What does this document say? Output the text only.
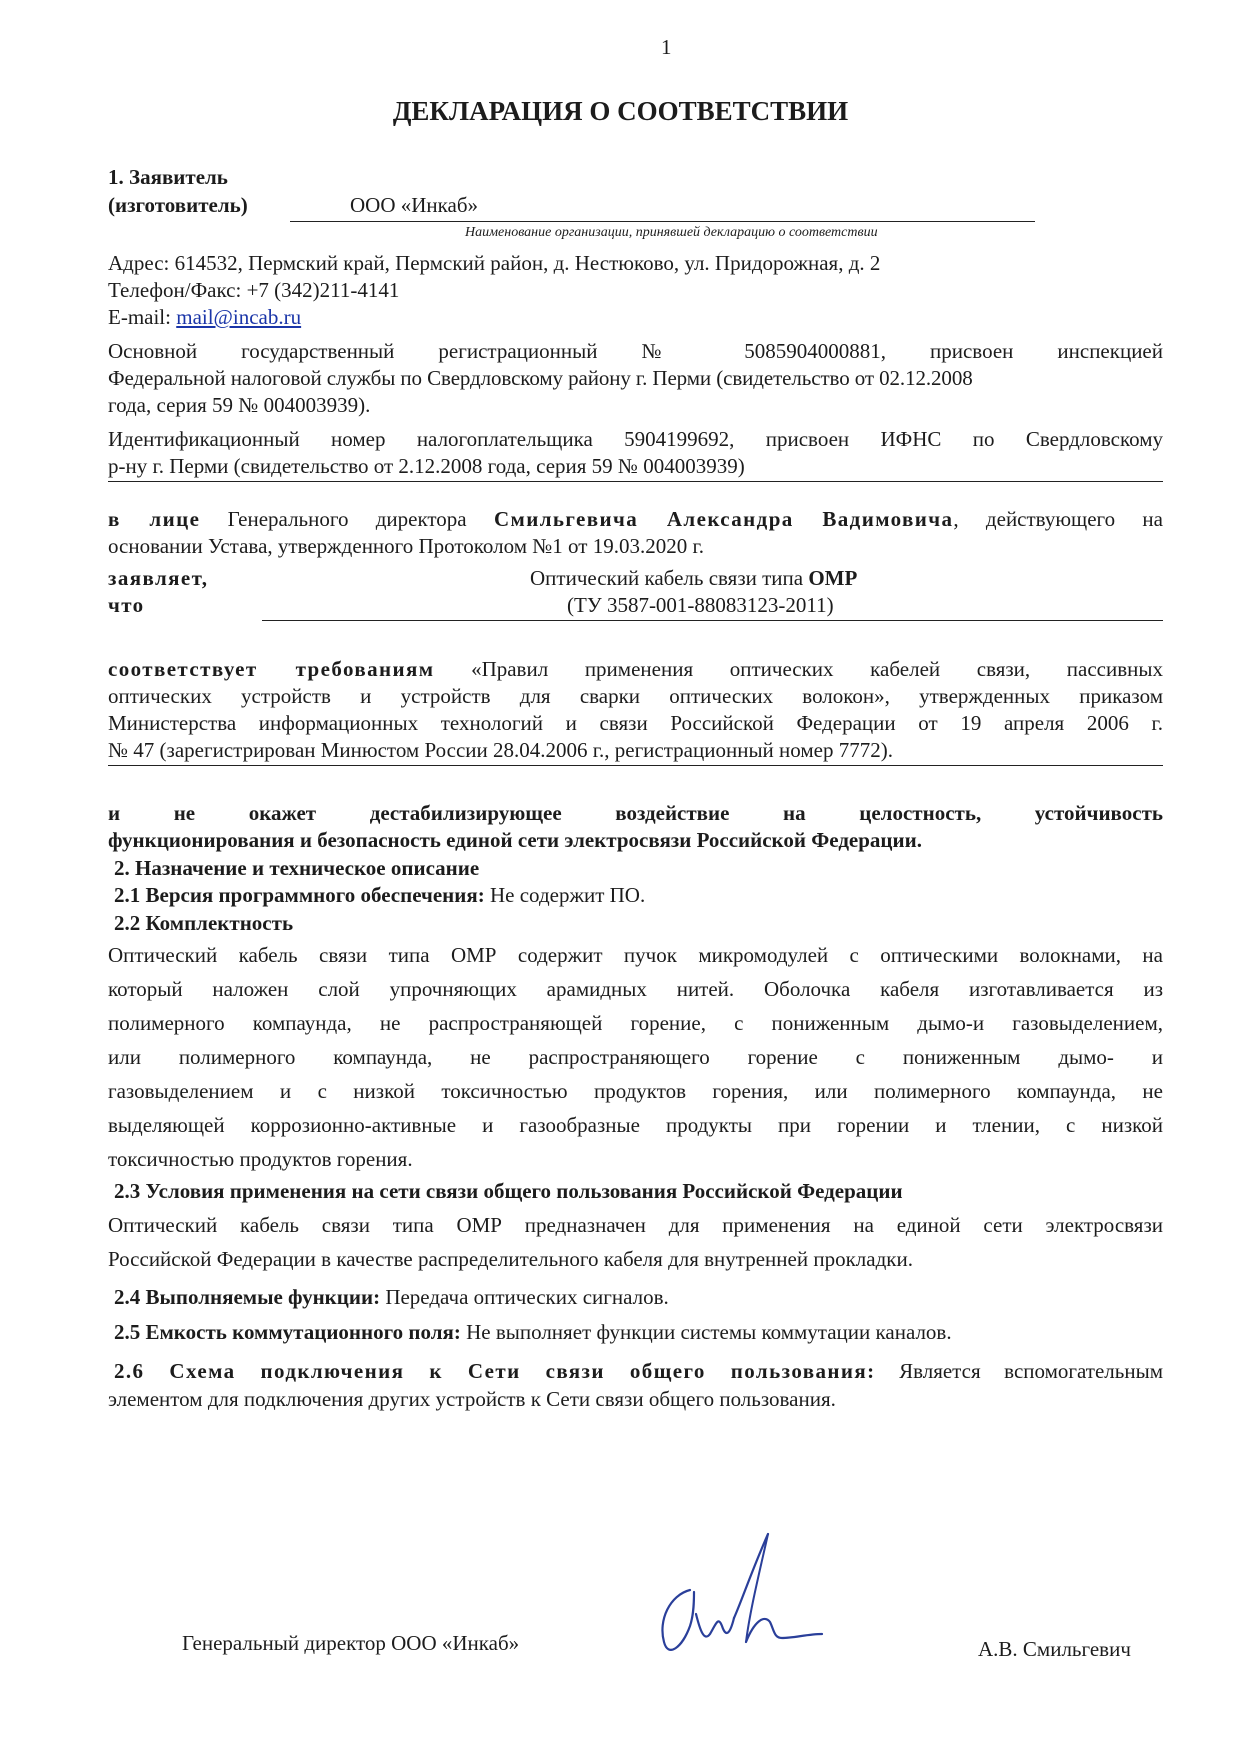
1

ДЕКЛАРАЦИЯ О СООТВЕТСТВИИ

1. Заявитель

(изготовитель)	ООО «Инкаб»

Наименование организации, принявшей декларацию о соответствии

Адрес: 614532, Пермский край, Пермский район, д. Нестюково, ул. Придорожная, д. 2

Телефон/Факс: +7 (342)211-4141

E-mail: mail@incab.ru

Основной государственный регистрационный № 5085904000881, присвоен инспекцией

Федеральной налоговой службы по Свердловскому району г. Перми (свидетельство от 02.12.2008

года, серия 59 № 004003939).

Идентификационный номер налогоплательщика 5904199692, присвоен ИФНС по Свердловскому

р-ну г. Перми (свидетельство от 2.12.2008 года, серия 59 № 004003939)

в лице Генерального директора Смильгевича Александра Вадимовича, действующего на

основании Устава, утвержденного Протоколом №1 от 19.03.2020 г.

заявляет,

что

Оптический кабель связи типа ОМР

(ТУ 3587-001-88083123-2011)

соответствует требованиям «Правил применения оптических кабелей связи, пассивных

оптических устройств и устройств для сварки оптических волокон», утвержденных приказом

Министерства информационных технологий и связи Российской Федерации от 19 апреля 2006 г.

№ 47 (зарегистрирован Минюстом России 28.04.2006 г., регистрационный номер 7772).

и не окажет дестабилизирующее воздействие на целостность, устойчивость

функционирования и безопасность единой сети электросвязи Российской Федерации.

2. Назначение и техническое описание

2.1 Версия программного обеспечения: Не содержит ПО.

2.2 Комплектность

Оптический кабель связи типа ОМР содержит пучок микромодулей с оптическими волокнами, на

который наложен слой упрочняющих арамидных нитей. Оболочка кабеля изготавливается из

полимерного компаунда, не распространяющей горение, с пониженным дымо-и газовыделением,

или полимерного компаунда, не распространяющего горение с пониженным дымо- и

газовыделением и с низкой токсичностью продуктов горения, или полимерного компаунда, не

выделяющей коррозионно-активные и газообразные продукты при горении и тлении, с низкой

токсичностью продуктов горения.

2.3 Условия применения на сети связи общего пользования Российской Федерации

Оптический кабель связи типа ОМР предназначен для применения на единой сети электросвязи

Российской Федерации в качестве распределительного кабеля для внутренней прокладки.

2.4 Выполняемые функции: Передача оптических сигналов.

2.5 Емкость коммутационного поля: Не выполняет функции системы коммутации каналов.

2.6 Схема подключения к Сети связи общего пользования: Является вспомогательным

элементом для подключения других устройств к Сети связи общего пользования.

Генеральный директор ООО «Инкаб»	А.В. Смильгевич
